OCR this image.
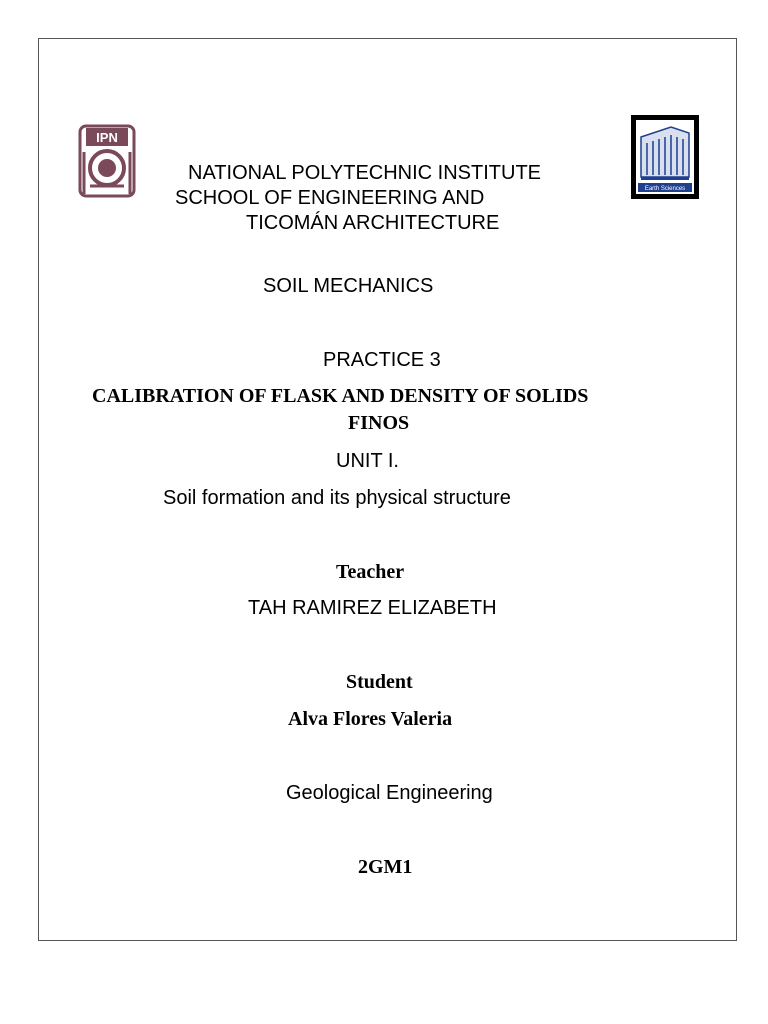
IPN
Earth Sciences
NATIONAL POLYTECHNIC INSTITUTE
SCHOOL OF ENGINEERING AND
TICOMÁN ARCHITECTURE
SOIL MECHANICS
PRACTICE 3
CALIBRATION OF FLASK AND DENSITY OF SOLIDS
FINOS
UNIT I.
Soil formation and its physical structure
Teacher
TAH RAMIREZ ELIZABETH
Student
Alva Flores Valeria
Geological Engineering
2GM1
